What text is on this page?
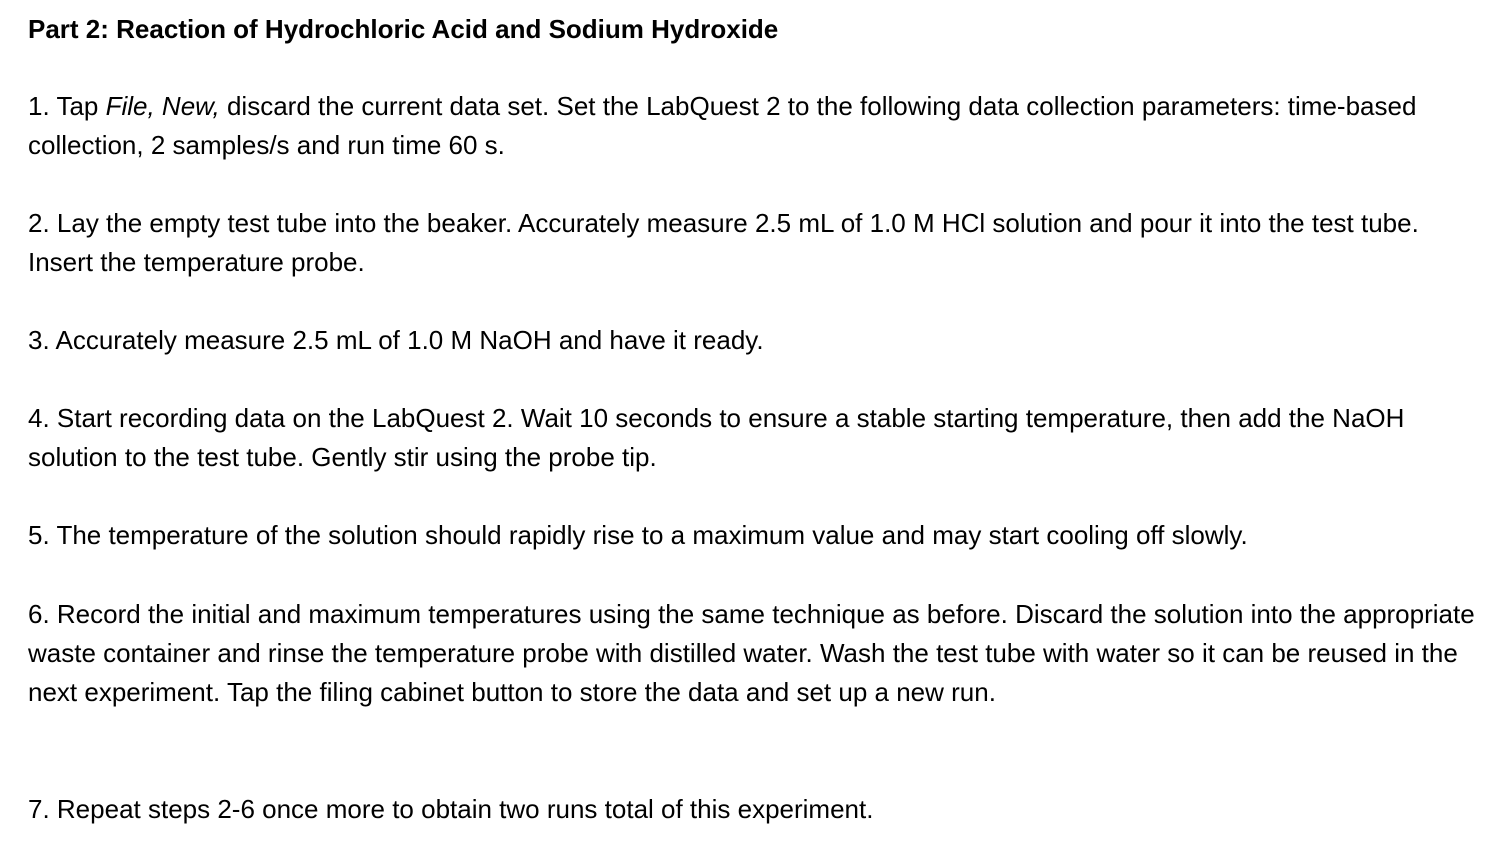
Part 2: Reaction of Hydrochloric Acid and Sodium Hydroxide

1. Tap File, New, discard the current data set. Set the LabQuest 2 to the following data collection parameters: time-based collection, 2 samples/s and run time 60 s.

2. Lay the empty test tube into the beaker. Accurately measure 2.5 mL of 1.0 M HCl solution and pour it into the test tube. Insert the temperature probe.

3. Accurately measure 2.5 mL of 1.0 M NaOH and have it ready.

4. Start recording data on the LabQuest 2. Wait 10 seconds to ensure a stable starting temperature, then add the NaOH solution to the test tube. Gently stir using the probe tip.

5. The temperature of the solution should rapidly rise to a maximum value and may start cooling off slowly.

6. Record the initial and maximum temperatures using the same technique as before. Discard the solution into the appropriate waste container and rinse the temperature probe with distilled water. Wash the test tube with water so it can be reused in the next experiment. Tap the filing cabinet button to store the data and set up a new run.

7. Repeat steps 2-6 once more to obtain two runs total of this experiment.
